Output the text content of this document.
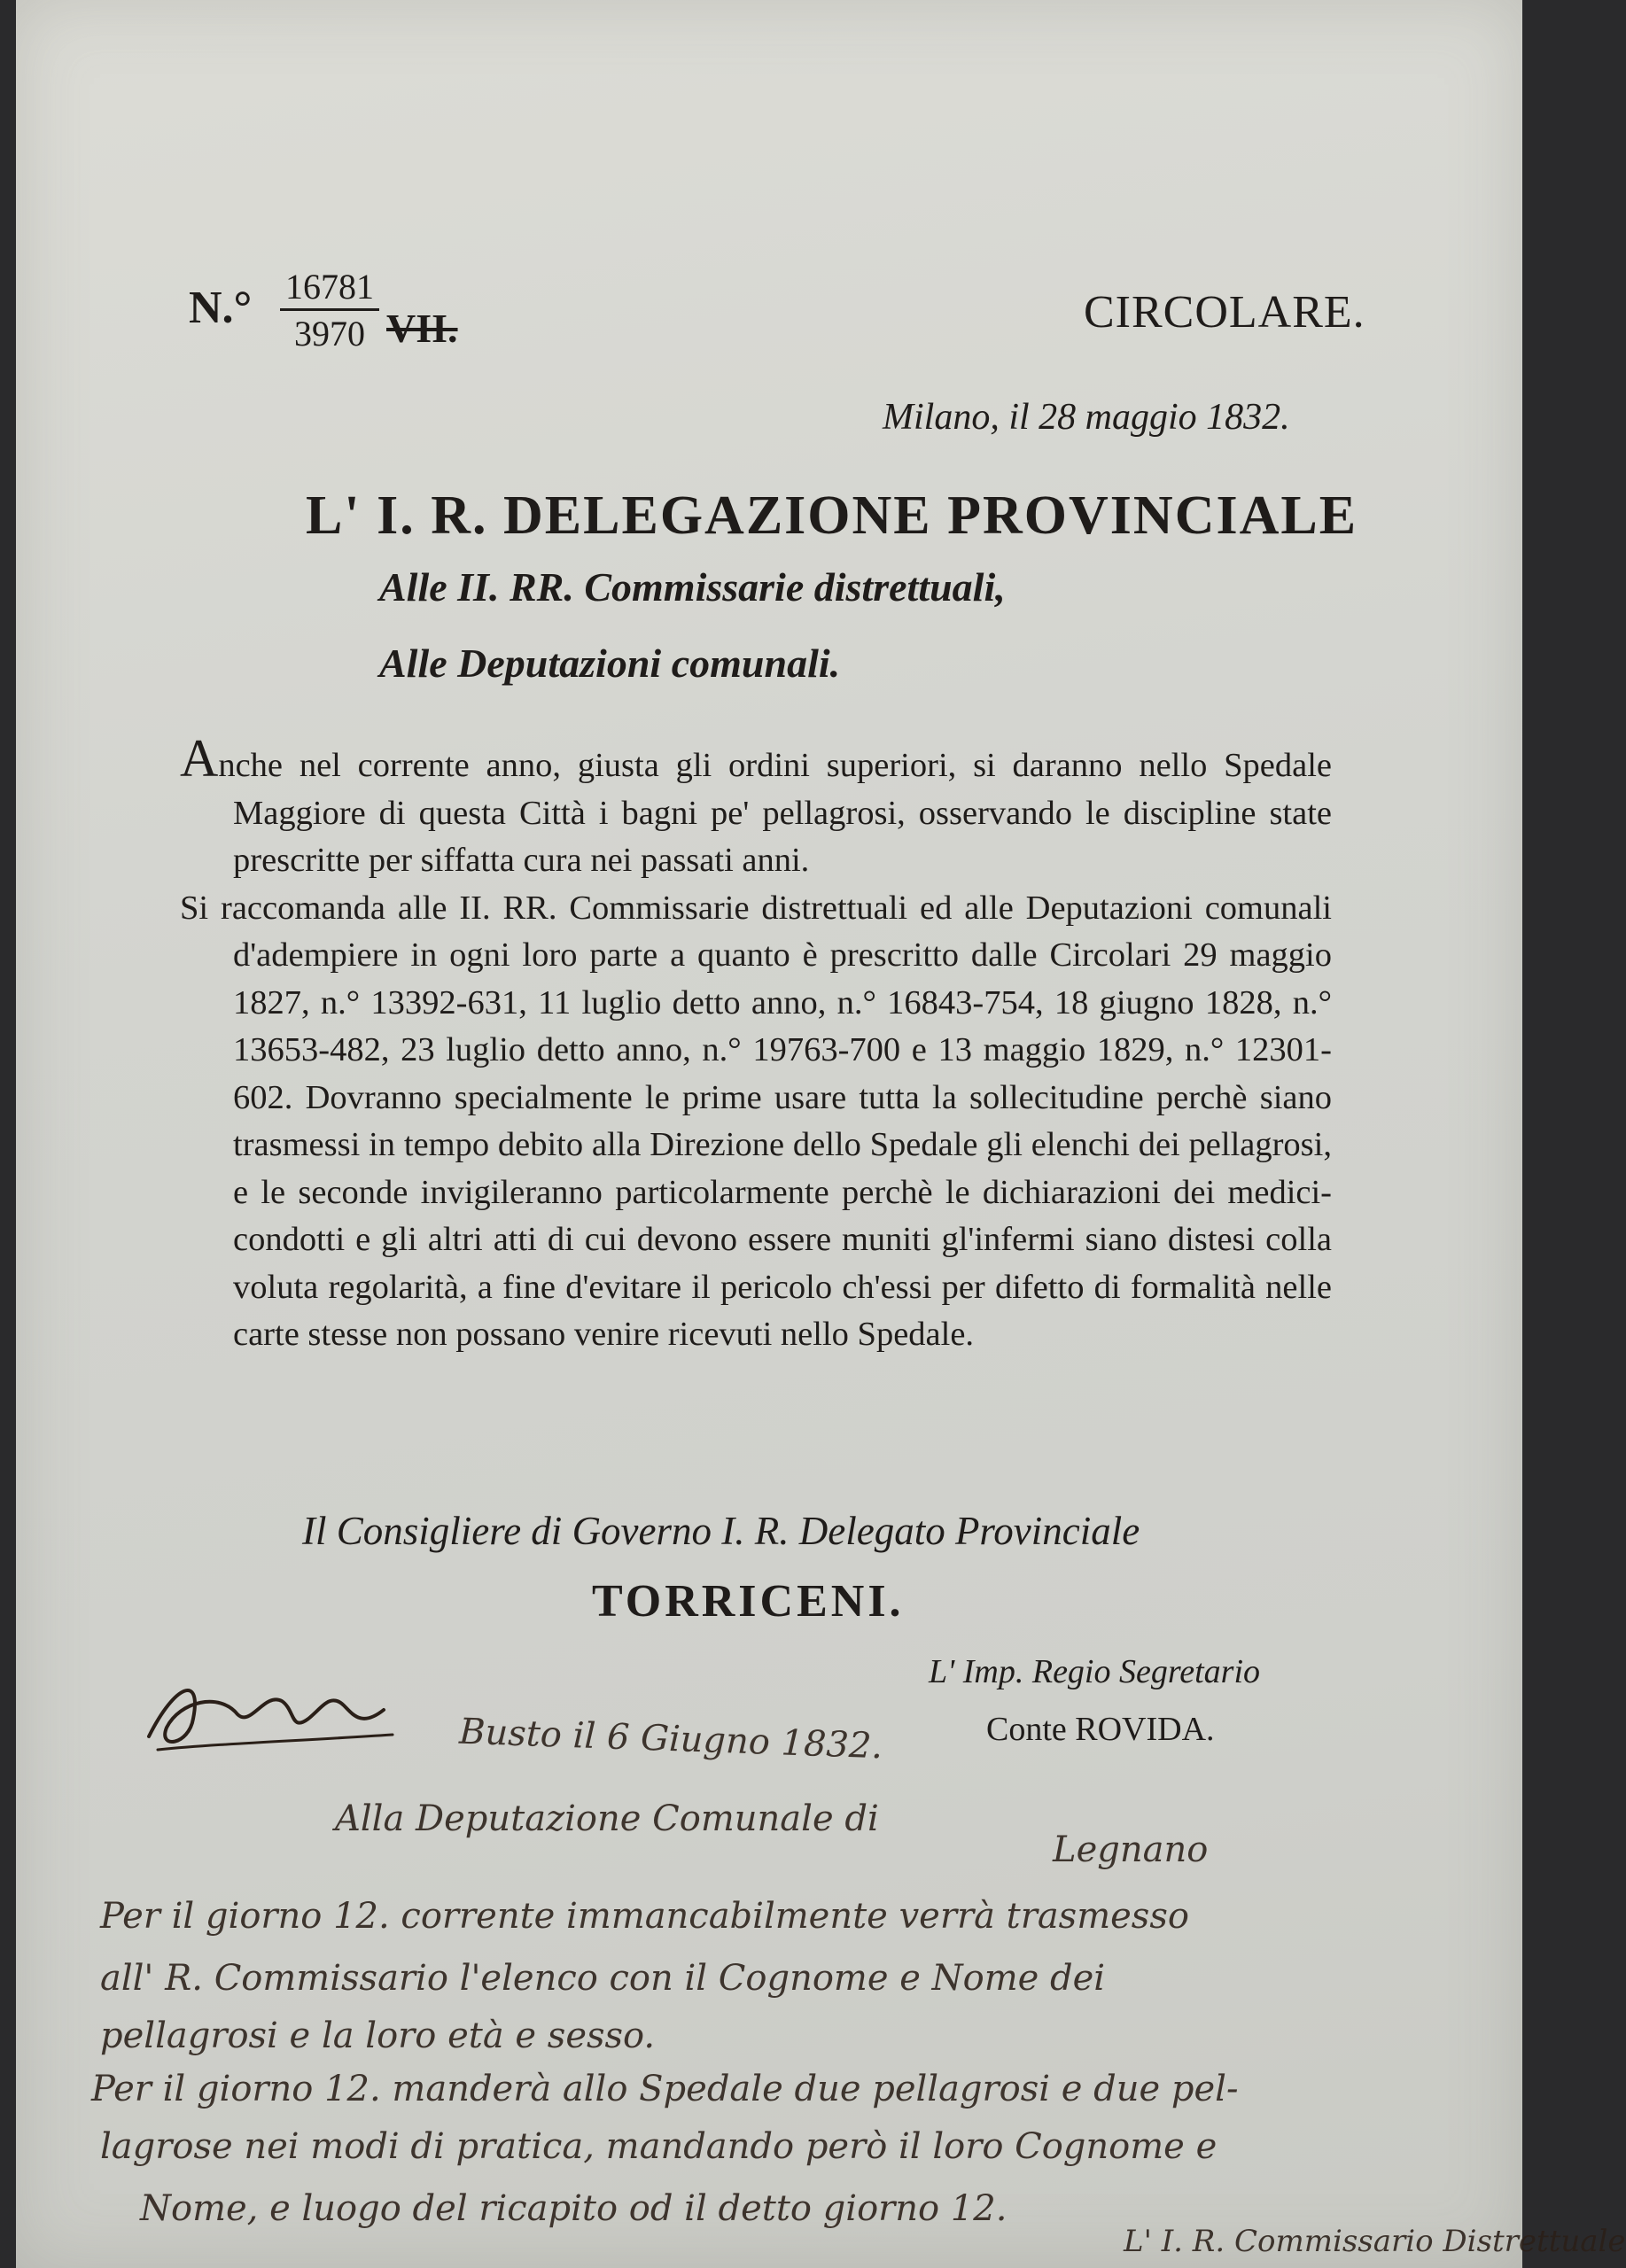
$N.^\circ \frac{16781}{3970}$ VII.	CIRCOLARE.
Milano, il 28 maggio 1832.
L' I. R. DELEGAZIONE PROVINCIALE
Alle II. RR. Commissarie distrettuali,
Alle Deputazioni comunali.

Anche nel corrente anno, giusta gli ordini superiori, si daranno nello Spedale Maggiore di questa Città i bagni pe' pellagrosi, osservando le discipline state prescritte per siffatta cura nei passati anni.

Si raccomanda alle II. RR. Commissarie distrettuali ed alle Deputazioni comunali d'adempiere in ogni loro parte a quanto è prescritto dalle Circolari 29 maggio 1827, n.° 13392-631, 11 luglio detto anno, n.° 16843-754, 18 giugno 1828, n.° 13653-482, 23 luglio detto anno, n.° 19763-700 e 13 maggio 1829, n.° 12301-602. Dovranno specialmente le prime usare tutta la sollecitudine perchè siano trasmessi in tempo debito alla Direzione dello Spedale gli elenchi dei pellagrosi, e le seconde invigileranno particolarmente perchè le dichiarazioni dei medici-condotti e gli altri atti di cui devono essere muniti gl'infermi siano distesi colla voluta regolarità, a fine d'evitare il pericolo ch'essi per difetto di formalità nelle carte stesse non possano venire ricevuti nello Spedale.

Il Consigliere di Governo I. R. Delegato Provinciale
TORRICENI.
L' Imp. Regio Segretario
Conte ROVIDA.
Busto il 6 Giugno 1832.
Alla Deputazione Comunale di
Legnano
Per il giorno 12. corrente immancabilmente verrà trasmesso
all' R. Commissario l'elenco con il Cognome e Nome dei
pellagrosi e la loro età e sesso.
Per il giorno 12. manderà allo Spedale due pellagrosi e due pel-
lagrose nei modi di pratica, mandando però il loro Cognome e
Nome, e luogo del ricapito od il detto giorno 12.
L' I. R. Commissario Distrettuale
